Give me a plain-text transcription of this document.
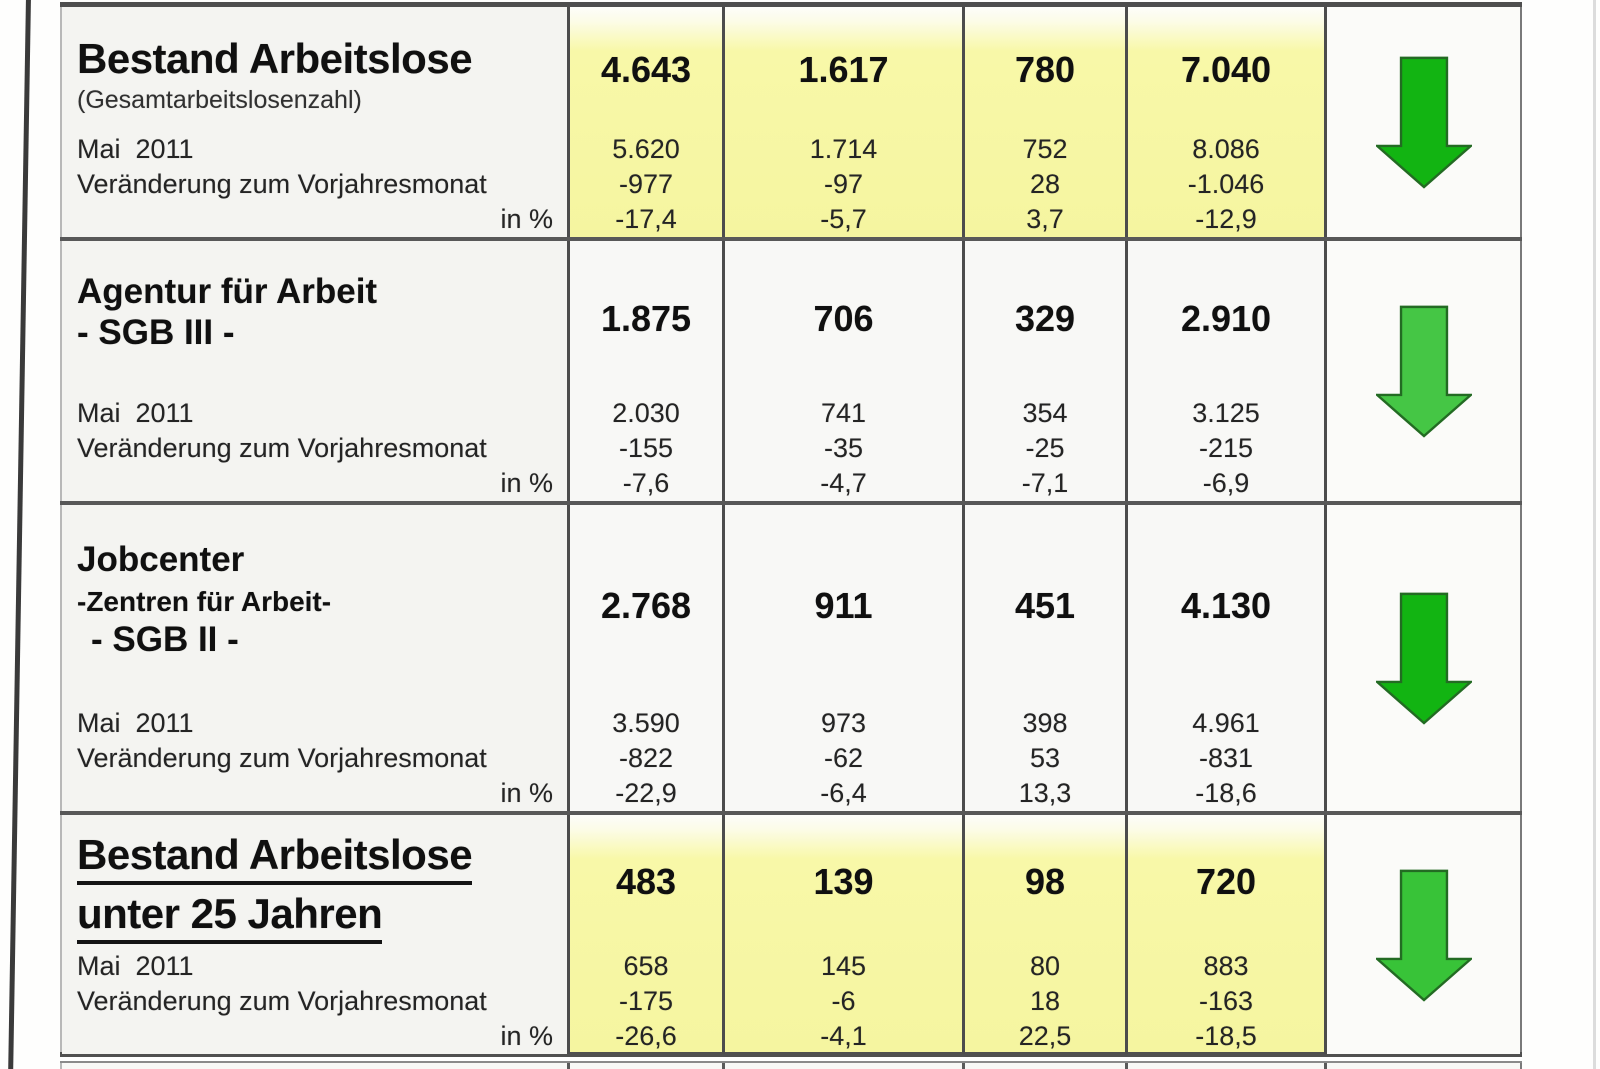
Bestand Arbeitslose
(Gesamtarbeitslosenzahl)
4.643	1.617	780	7.040
Mai  2011	5.620	1.714	752	8.086
Veränderung zum Vorjahresmonat	-977	-97	28	-1.046
in %	-17,4	-5,7	3,7	-12,9
Agentur für Arbeit
- SGB III -	1.875	706	329	2.910
Mai  2011	2.030	741	354	3.125
Veränderung zum Vorjahresmonat	-155	-35	-25	-215
in %	-7,6	-4,7	-7,1	-6,9
Jobcenter
-Zentren für Arbeit-
- SGB II -
2.768	911	451	4.130
Mai  2011	3.590	973	398	4.961
Veränderung zum Vorjahresmonat	-822	-62	53	-831
in %	-22,9	-6,4	13,3	-18,6
Bestand Arbeitslose
unter 25 Jahren
483	139	98	720
Mai  2011	658	145	80	883
Veränderung zum Vorjahresmonat	-175	-6	18	-163
in %	-26,6	-4,1	22,5	-18,5
